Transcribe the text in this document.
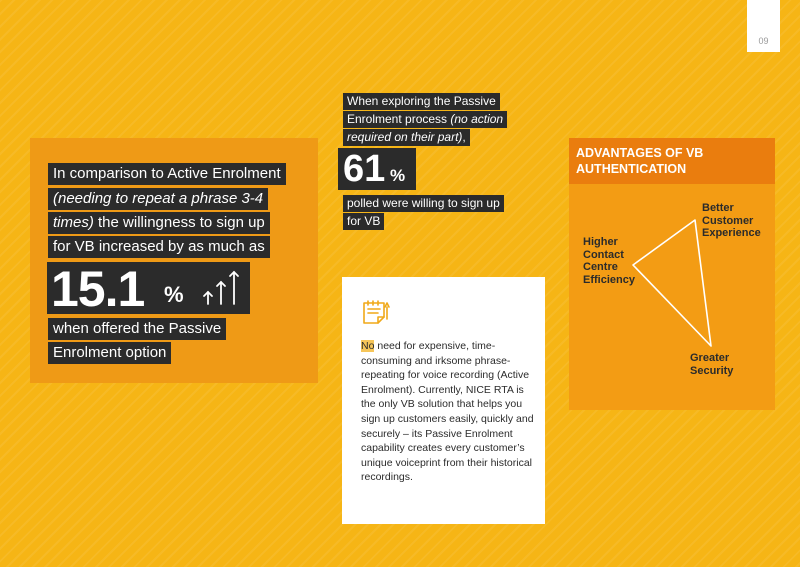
09
In comparison to Active Enrolment
(needing to repeat a phrase 3-4
times) the willingness to sign up
for VB increased by as much as
15.1 %
when offered the Passive
Enrolment option
When exploring the Passive
Enrolment process (no action
required on their part),
61 %
polled were willing to sign up
for VB
No need for expensive, time-consuming and irksome phrase-repeating for voice recording (Active Enrolment). Currently, NICE RTA is the only VB solution that helps you sign up customers easily, quickly and securely – its Passive Enrolment capability creates every customer’s unique voiceprint from their historical recordings.
ADVANTAGES OF VB AUTHENTICATION
Better Customer Experience
Higher Contact Centre Efficiency
Greater Security
